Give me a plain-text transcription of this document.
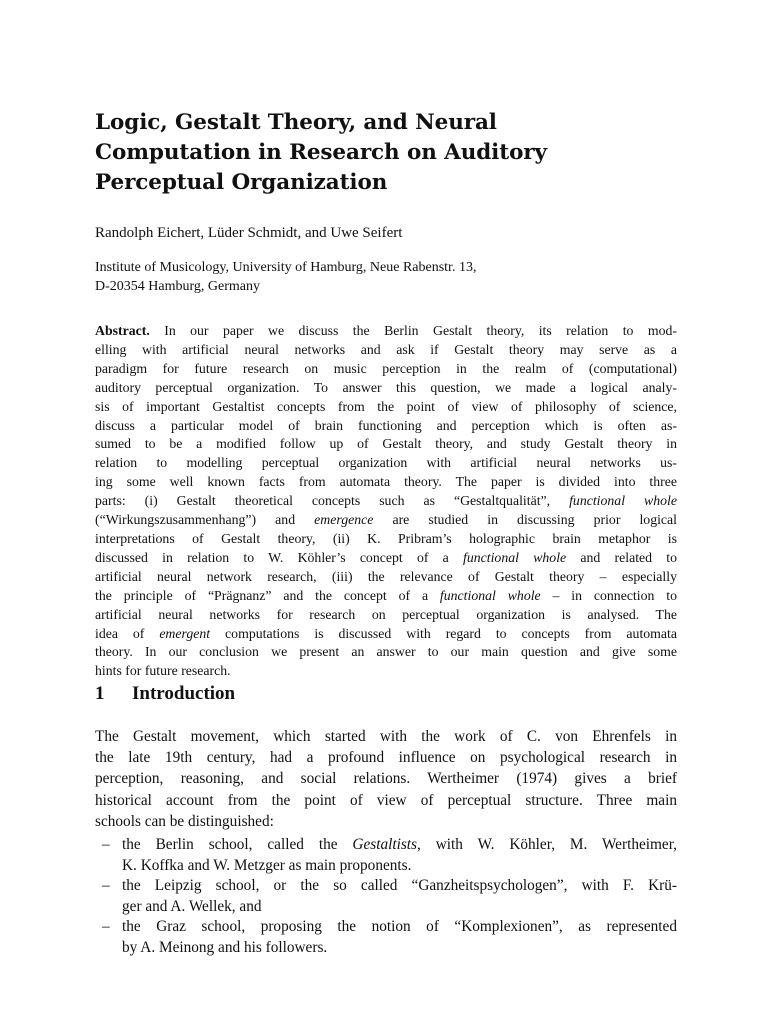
Logic, Gestalt Theory, and Neural
Computation in Research on Auditory
Perceptual Organization
Randolph Eichert, Lüder Schmidt, and Uwe Seifert
Institute of Musicology, University of Hamburg, Neue Rabenstr. 13,
D-20354 Hamburg, Germany
Abstract. In our paper we discuss the Berlin Gestalt theory, its relation to mod-
elling with artificial neural networks and ask if Gestalt theory may serve as a
paradigm for future research on music perception in the realm of (computational)
auditory perceptual organization. To answer this question, we made a logical analy-
sis of important Gestaltist concepts from the point of view of philosophy of science,
discuss a particular model of brain functioning and perception which is often as-
sumed to be a modified follow up of Gestalt theory, and study Gestalt theory in
relation to modelling perceptual organization with artificial neural networks us-
ing some well known facts from automata theory. The paper is divided into three
parts: (i) Gestalt theoretical concepts such as “Gestaltqualität”, functional whole
(“Wirkungszusammenhang”) and emergence are studied in discussing prior logical
interpretations of Gestalt theory, (ii) K. Pribram’s holographic brain metaphor is
discussed in relation to W. Köhler’s concept of a functional whole and related to
artificial neural network research, (iii) the relevance of Gestalt theory – especially
the principle of “Prägnanz” and the concept of a functional whole – in connection to
artificial neural networks for research on perceptual organization is analysed. The
idea of emergent computations is discussed with regard to concepts from automata
theory. In our conclusion we present an answer to our main question and give some
hints for future research.
1 Introduction
The Gestalt movement, which started with the work of C. von Ehrenfels in
the late 19th century, had a profound influence on psychological research in
perception, reasoning, and social relations. Wertheimer (1974) gives a brief
historical account from the point of view of perceptual structure. Three main
schools can be distinguished:
– the Berlin school, called the Gestaltists, with W. Köhler, M. Wertheimer,
K. Koffka and W. Metzger as main proponents.
– the Leipzig school, or the so called “Ganzheitspsychologen”, with F. Krü-
ger and A. Wellek, and
– the Graz school, proposing the notion of “Komplexionen”, as represented
by A. Meinong and his followers.
